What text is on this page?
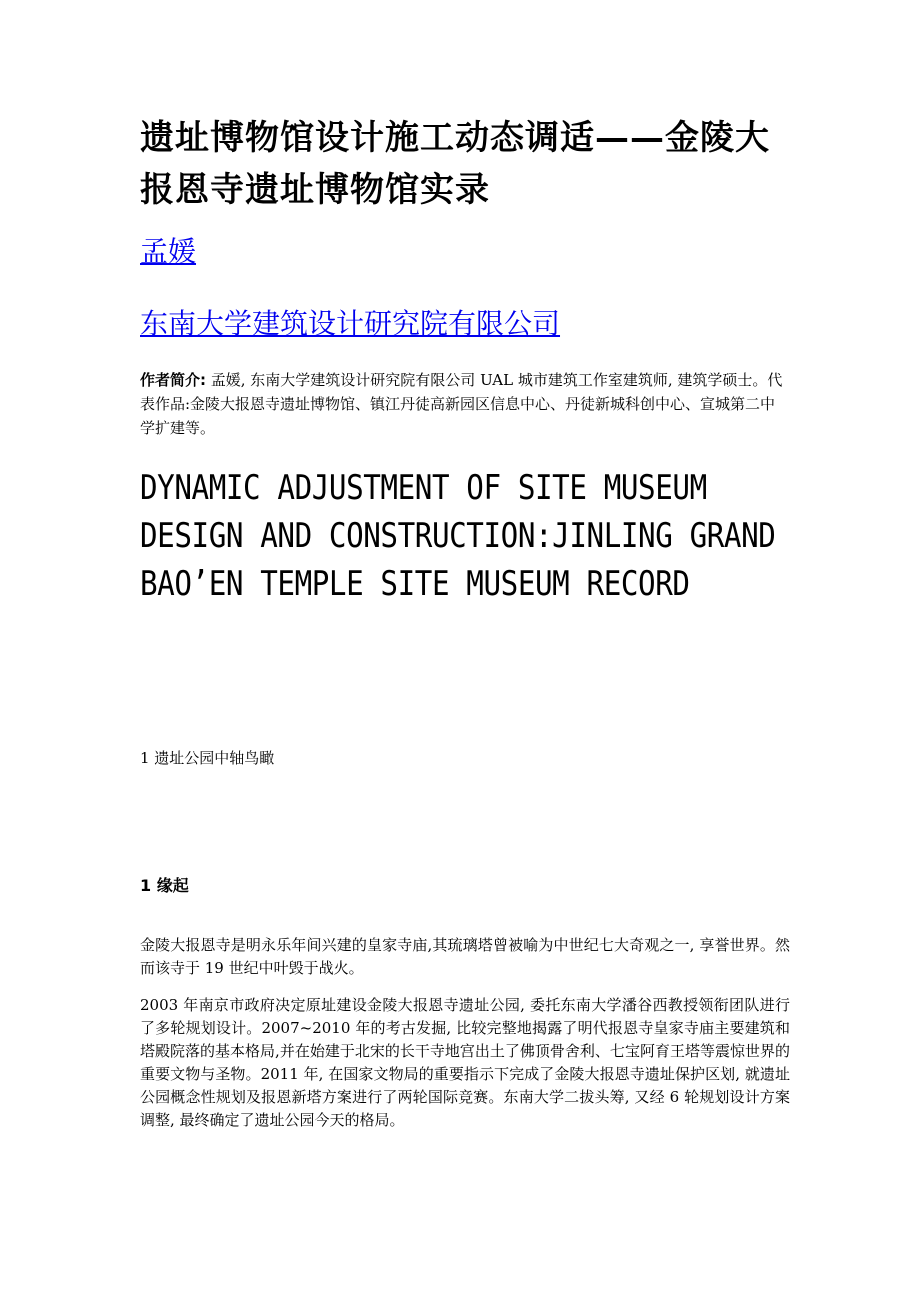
遗址博物馆设计施工动态调适——金陵大报恩寺遗址博物馆实录
孟媛
东南大学建筑设计研究院有限公司

作者简介: 孟媛, 东南大学建筑设计研究院有限公司 UAL 城市建筑工作室建筑师, 建筑学硕士。代表作品:金陵大报恩寺遗址博物馆、镇江丹徒高新园区信息中心、丹徒新城科创中心、宣城第二中学扩建等。

DYNAMIC ADJUSTMENT OF SITE MUSEUM DESIGN AND CONSTRUCTION:JINLING GRAND BAO’EN TEMPLE SITE MUSEUM RECORD

1 遗址公园中轴鸟瞰

1 缘起

金陵大报恩寺是明永乐年间兴建的皇家寺庙,其琉璃塔曾被喻为中世纪七大奇观之一, 享誉世界。然而该寺于 19 世纪中叶毁于战火。

2003 年南京市政府决定原址建设金陵大报恩寺遗址公园, 委托东南大学潘谷西教授领衔团队进行了多轮规划设计。2007~2010 年的考古发掘, 比较完整地揭露了明代报恩寺皇家寺庙主要建筑和塔殿院落的基本格局,并在始建于北宋的长干寺地宫出土了佛顶骨舍利、七宝阿育王塔等震惊世界的重要文物与圣物。2011 年, 在国家文物局的重要指示下完成了金陵大报恩寺遗址保护区划, 就遗址公园概念性规划及报恩新塔方案进行了两轮国际竞赛。东南大学二拔头筹, 又经 6 轮规划设计方案调整, 最终确定了遗址公园今天的格局。
